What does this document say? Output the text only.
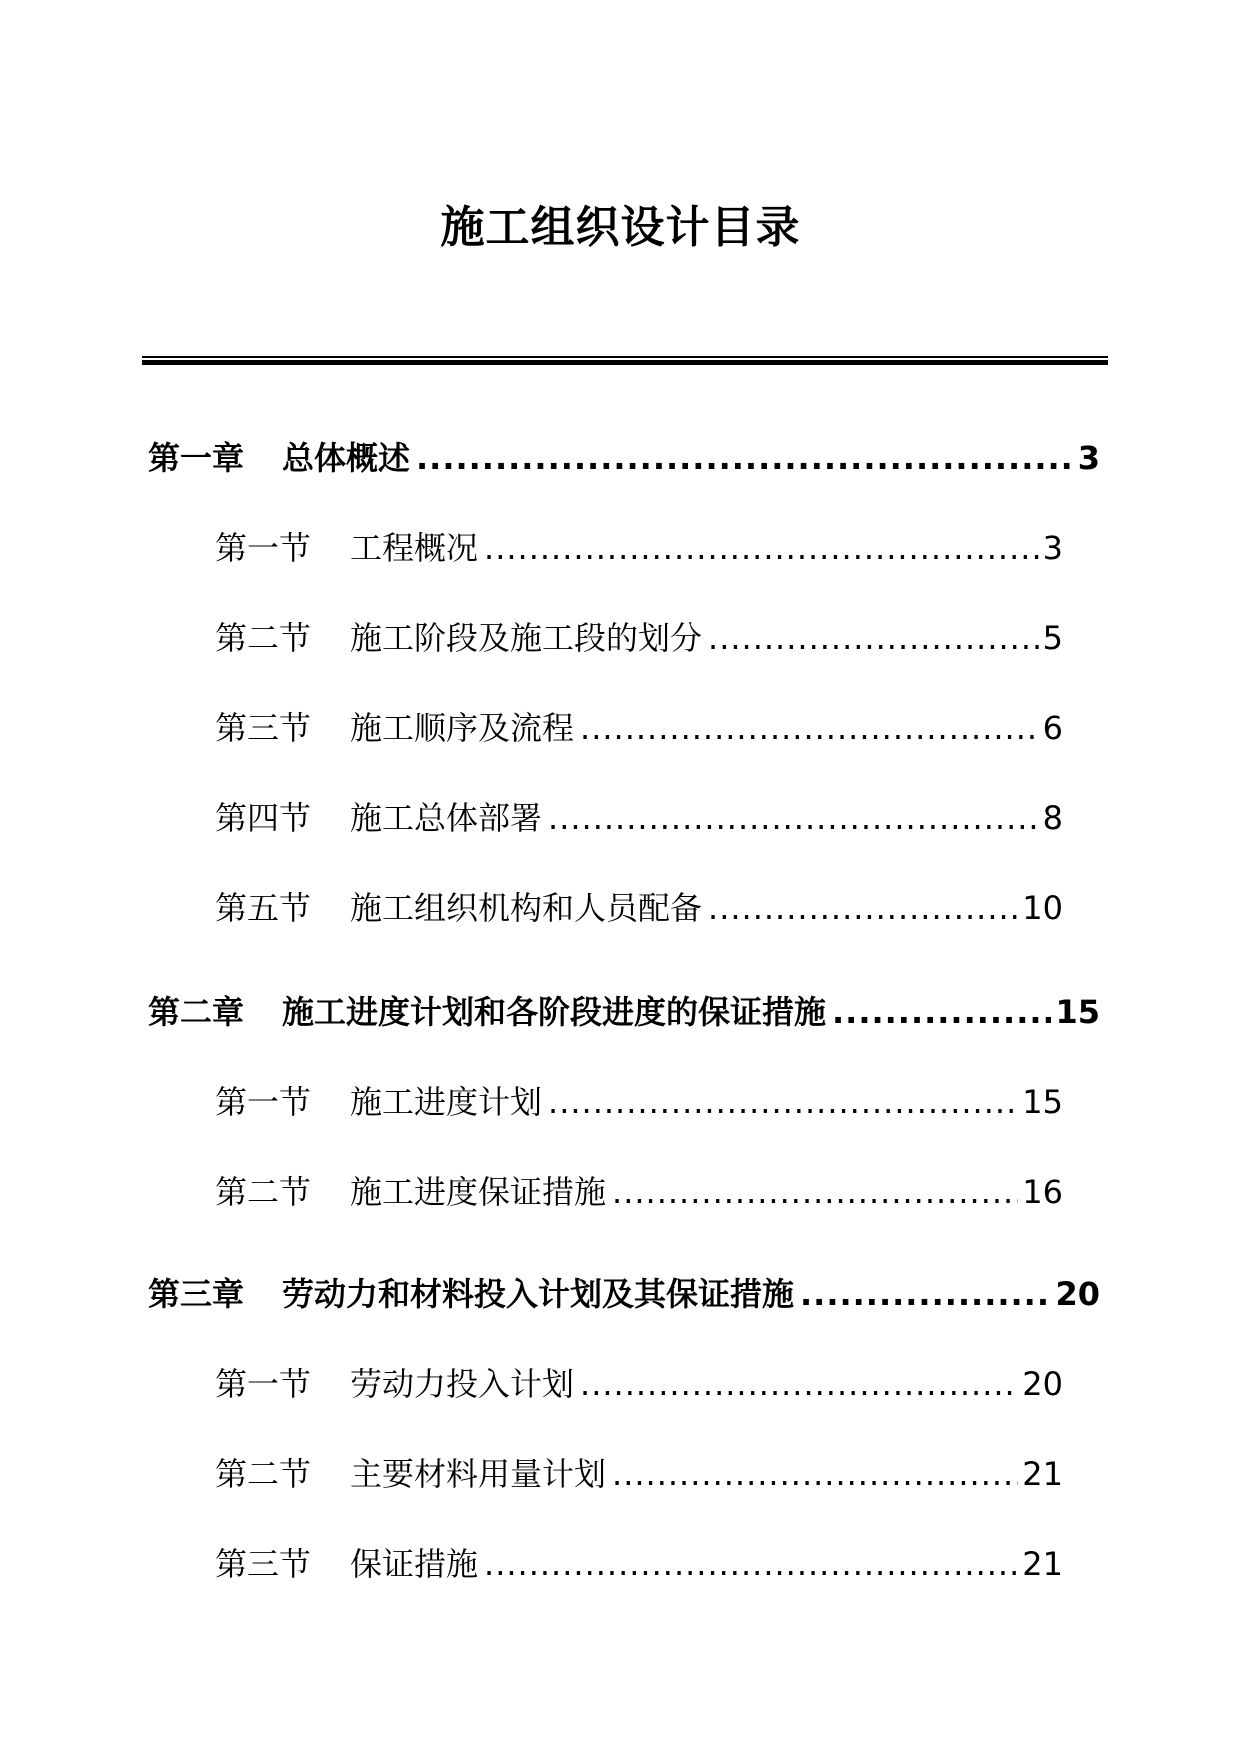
施工组织设计目录
第一章	总体概述 .....	3
第一节	工程概况 .....	3
第二节	施工阶段及施工段的划分 .....	5
第三节	施工顺序及流程 .....	6
第四节	施工总体部署 .....	8
第五节	施工组织机构和人员配备 .....	10
第二章	施工进度计划和各阶段进度的保证措施 .....	15
第一节	施工进度计划 .....	15
第二节	施工进度保证措施 .....	16
第三章	劳动力和材料投入计划及其保证措施 .....	20
第一节	劳动力投入计划 .....	20
第二节	主要材料用量计划 .....	21
第三节	保证措施 .....	21
